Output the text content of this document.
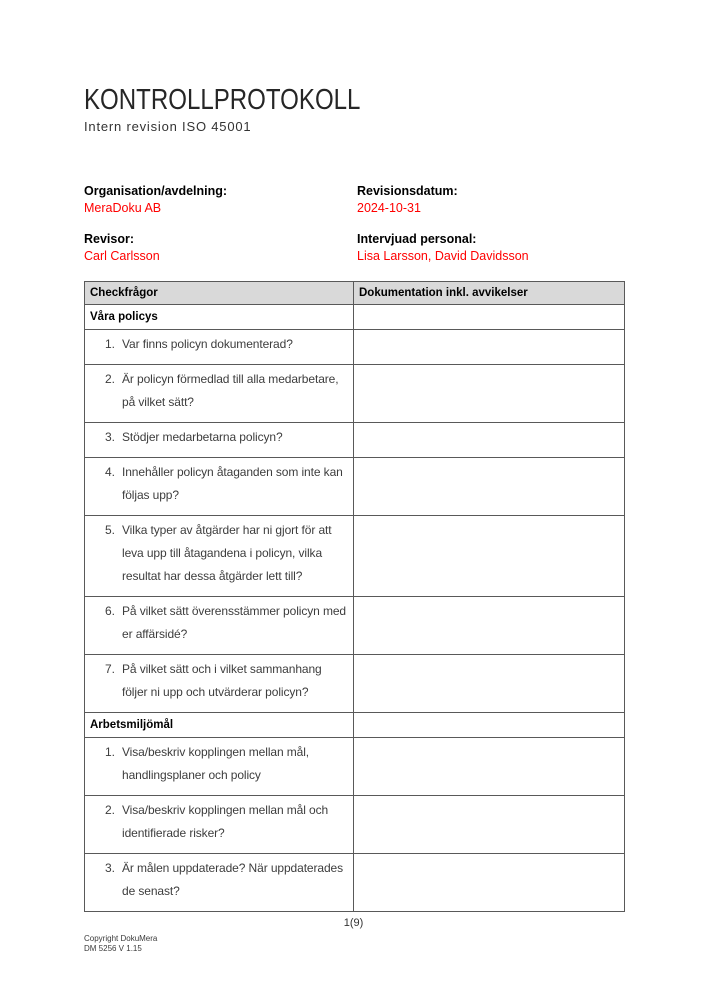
KONTROLLPROTOKOLL
Intern revision ISO 45001
Organisation/avdelning:
MeraDoku AB
Revisionsdatum:
2024-10-31
Revisor:
Carl Carlsson
Intervjuad personal:
Lisa Larsson, David Davidsson
Checkfrågor	Dokumentation inkl. avvikelser
Våra policys	

1. Var finns policyn dokumenterad?	

2. Är policyn förmedlad till alla medarbetare, på vilket sätt?	

3. Stödjer medarbetarna policyn?	

4. Innehåller policyn åtaganden som inte kan följas upp?	

5. Vilka typer av åtgärder har ni gjort för att leva upp till åtagandena i policyn, vilka resultat har dessa åtgärder lett till?	

6. På vilket sätt överensstämmer policyn med er affärsidé?	

7. På vilket sätt och i vilket sammanhang följer ni upp och utvärderar policyn?	

Arbetsmiljömål	

1. Visa/beskriv kopplingen mellan mål, handlingsplaner och policy	

2. Visa/beskriv kopplingen mellan mål och identifierade risker?	

3. Är målen uppdaterade? När uppdaterades de senast?	

1(9)
Copyright DokuMera
DM 5256 V 1.15
